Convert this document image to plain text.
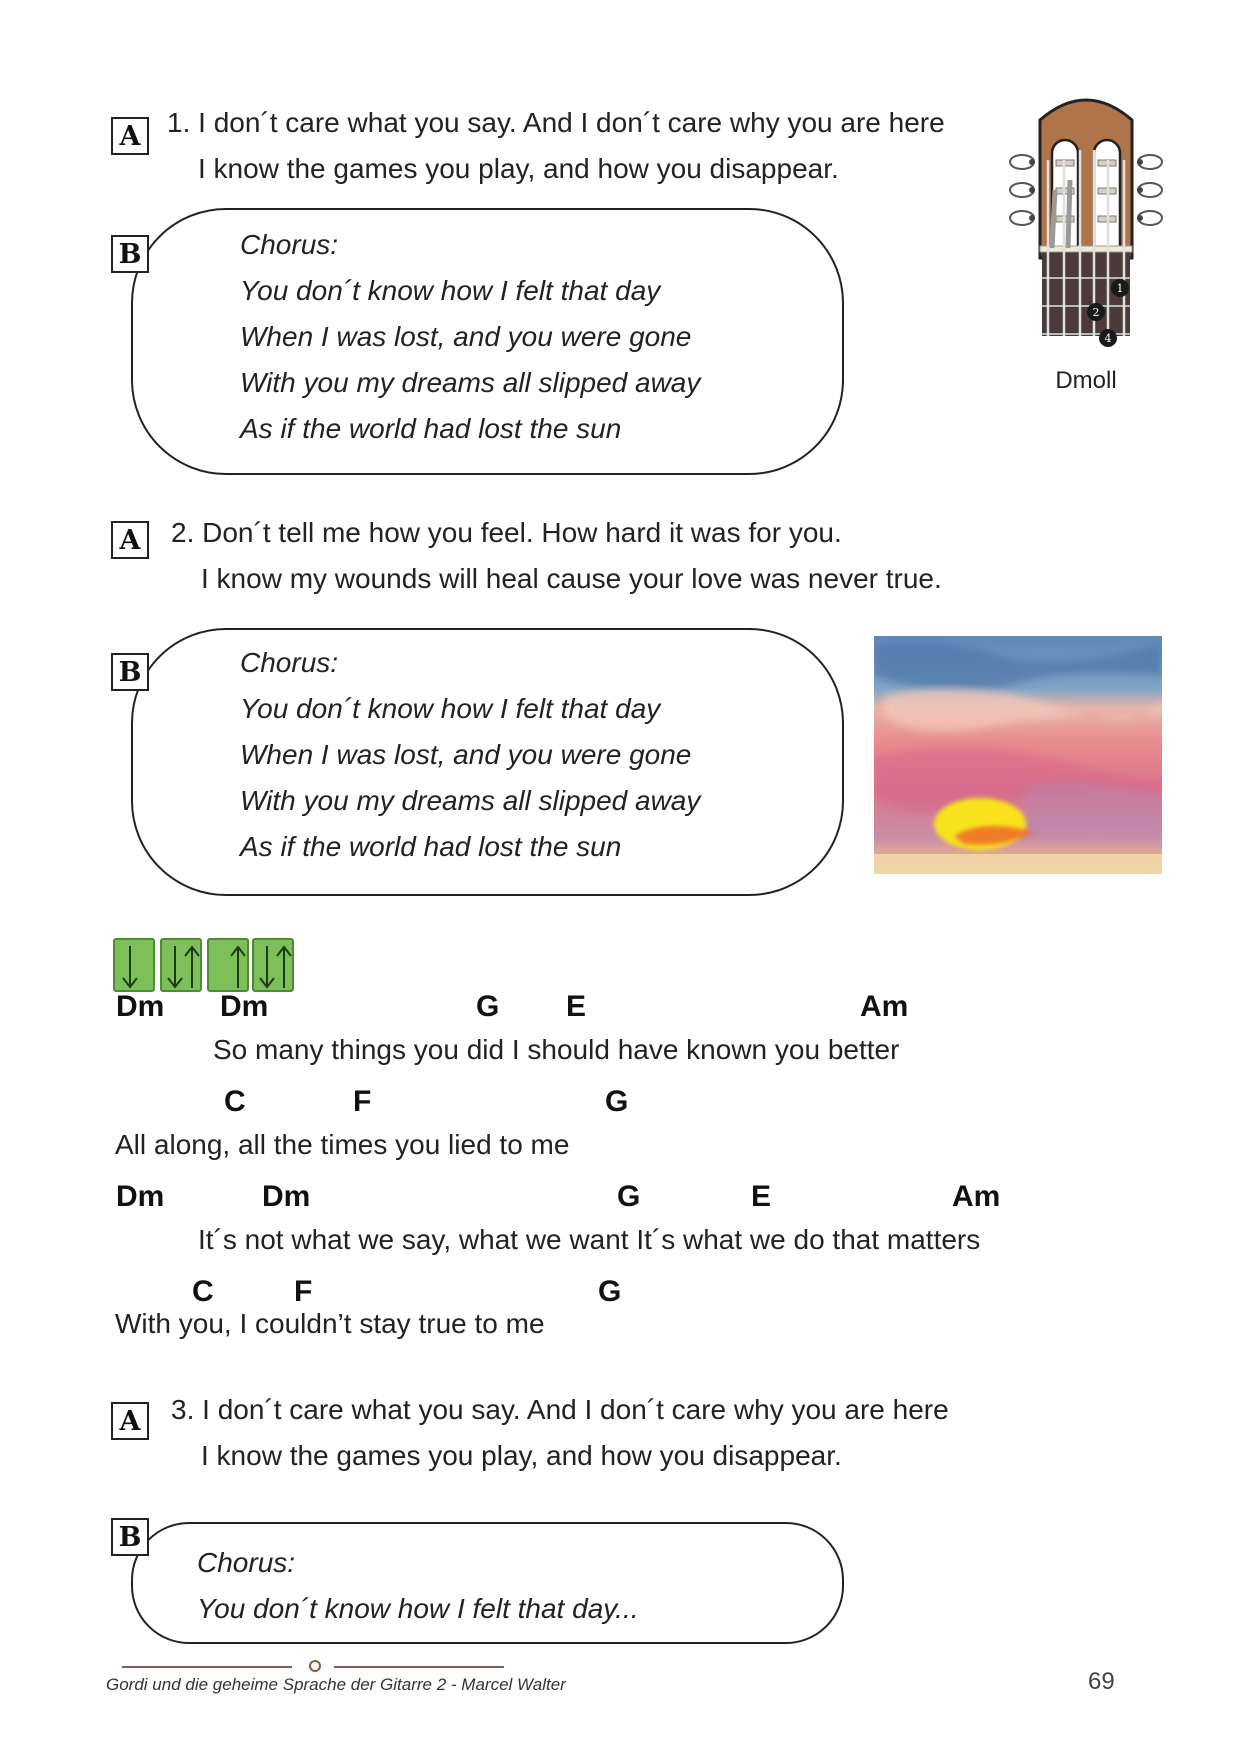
A 1. I don´t care what you say. And I don´t care why you are here
I know the games you play, and how you disappear.
B	Chorus:
You don´t know how I felt that day
When I was lost, and you were gone
With you my dreams all slipped away
As if the world had lost the sun
1
2
4
Dmoll
A	2. Don´t tell me how you feel. How hard it was for you.
I know my wounds will heal cause your love was never true.
B	Chorus:
You don´t know how I felt that day
When I was lost, and you were gone
With you my dreams all slipped away
As if the world had lost the sun
Dm Dm	G E	Am
So many things you did I should have known you better
C	F	G
All along, all the times you lied to me
Dm	Dm	G	E	Am
It´s not what we say, what we want It´s what we do that matters
C	F	G
With you, I couldn’t stay true to me
A	3. I don´t care what you say. And I don´t care why you are here
I know the games you play, and how you disappear.
B
Chorus:
You don´t know how I felt that day...
Gordi und die geheime Sprache der Gitarre 2 - Marcel Walter	69
